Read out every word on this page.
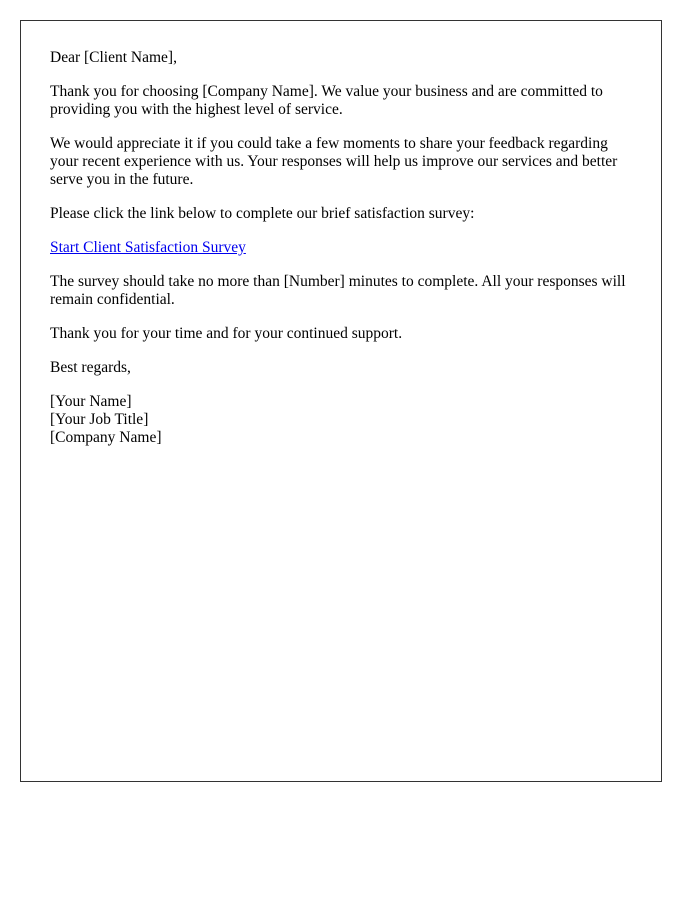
Dear [Client Name],

Thank you for choosing [Company Name]. We value your business and are committed to providing you with the highest level of service.

We would appreciate it if you could take a few moments to share your feedback regarding your recent experience with us. Your responses will help us improve our services and better serve you in the future.

Please click the link below to complete our brief satisfaction survey:

Start Client Satisfaction Survey

The survey should take no more than [Number] minutes to complete. All your responses will remain confidential.

Thank you for your time and for your continued support.

Best regards,

[Your Name]
[Your Job Title]
[Company Name]
